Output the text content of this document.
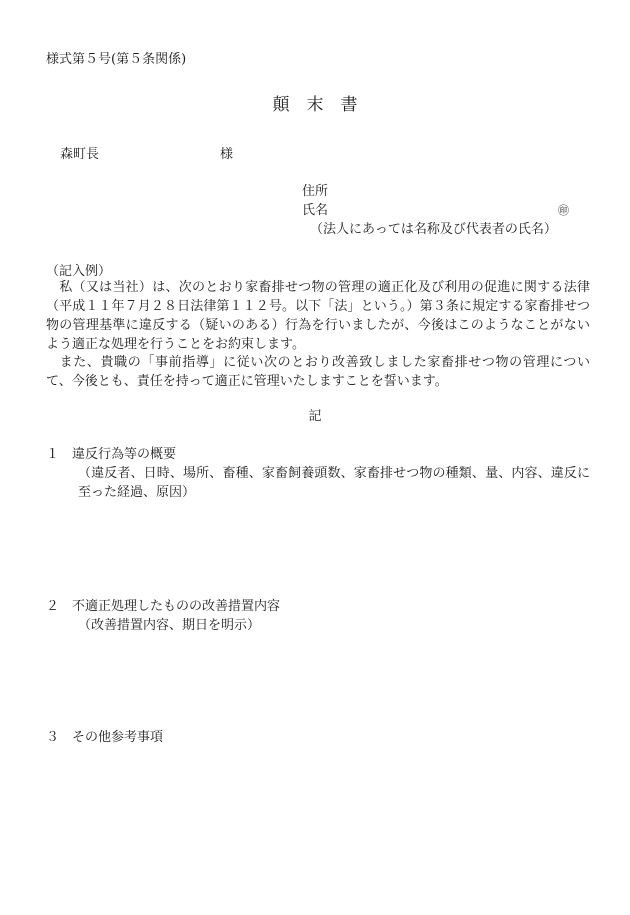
様式第５号(第５条関係)
顛　末　書
森町長	様
住所
氏名	㊞
（法人にあっては名称及び代表者の氏名）
（記入例）
　私（又は当社）は、次のとおり家畜排せつ物の管理の適正化及び利用の促進に関する法律（平成１１年７月２８日法律第１１２号。以下「法」という。）第３条に規定する家畜排せつ物の管理基準に違反する（疑いのある）行為を行いましたが、今後はこのようなことがないよう適正な処理を行うことをお約束します。
　また、貴職の「事前指導」に従い次のとおり改善致しました家畜排せつ物の管理について、今後とも、責任を持って適正に管理いたしますことを誓います。
記
１ 違反行為等の概要
（違反者、日時、場所、畜種、家畜飼養頭数、家畜排せつ物の種類、量、内容、違反に至った経過、原因）
２ 不適正処理したものの改善措置内容
（改善措置内容、期日を明示）
３ その他参考事項
